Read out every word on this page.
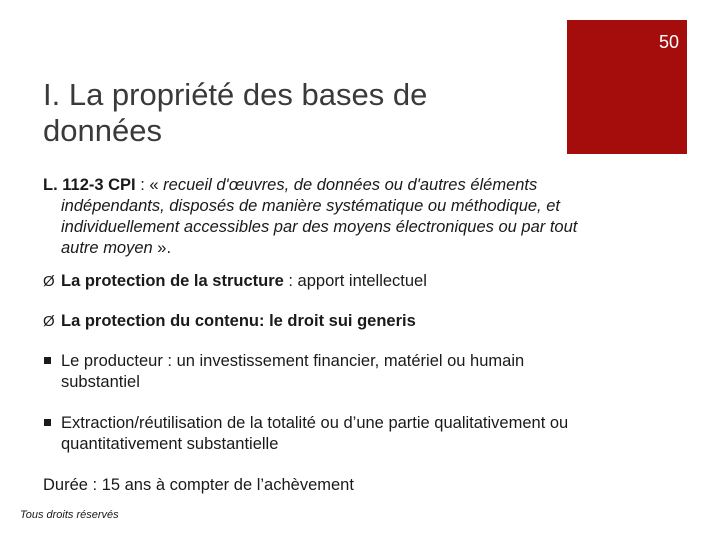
50
I. La propriété des bases de
données

L. 112-3 CPI : « recueil d'œuvres, de données ou d'autres éléments indépendants, disposés de manière systématique ou méthodique, et individuellement accessibles par des moyens électroniques ou par tout autre moyen ».

Ø La protection de la structure : apport intellectuel
Ø La protection du contenu: le droit sui generis
Le producteur : un investissement financier, matériel ou humain substantiel
Extraction/réutilisation de la totalité ou d’une partie qualitativement ou quantitativement substantielle

Durée : 15 ans à compter de l’achèvement

Tous droits réservés
